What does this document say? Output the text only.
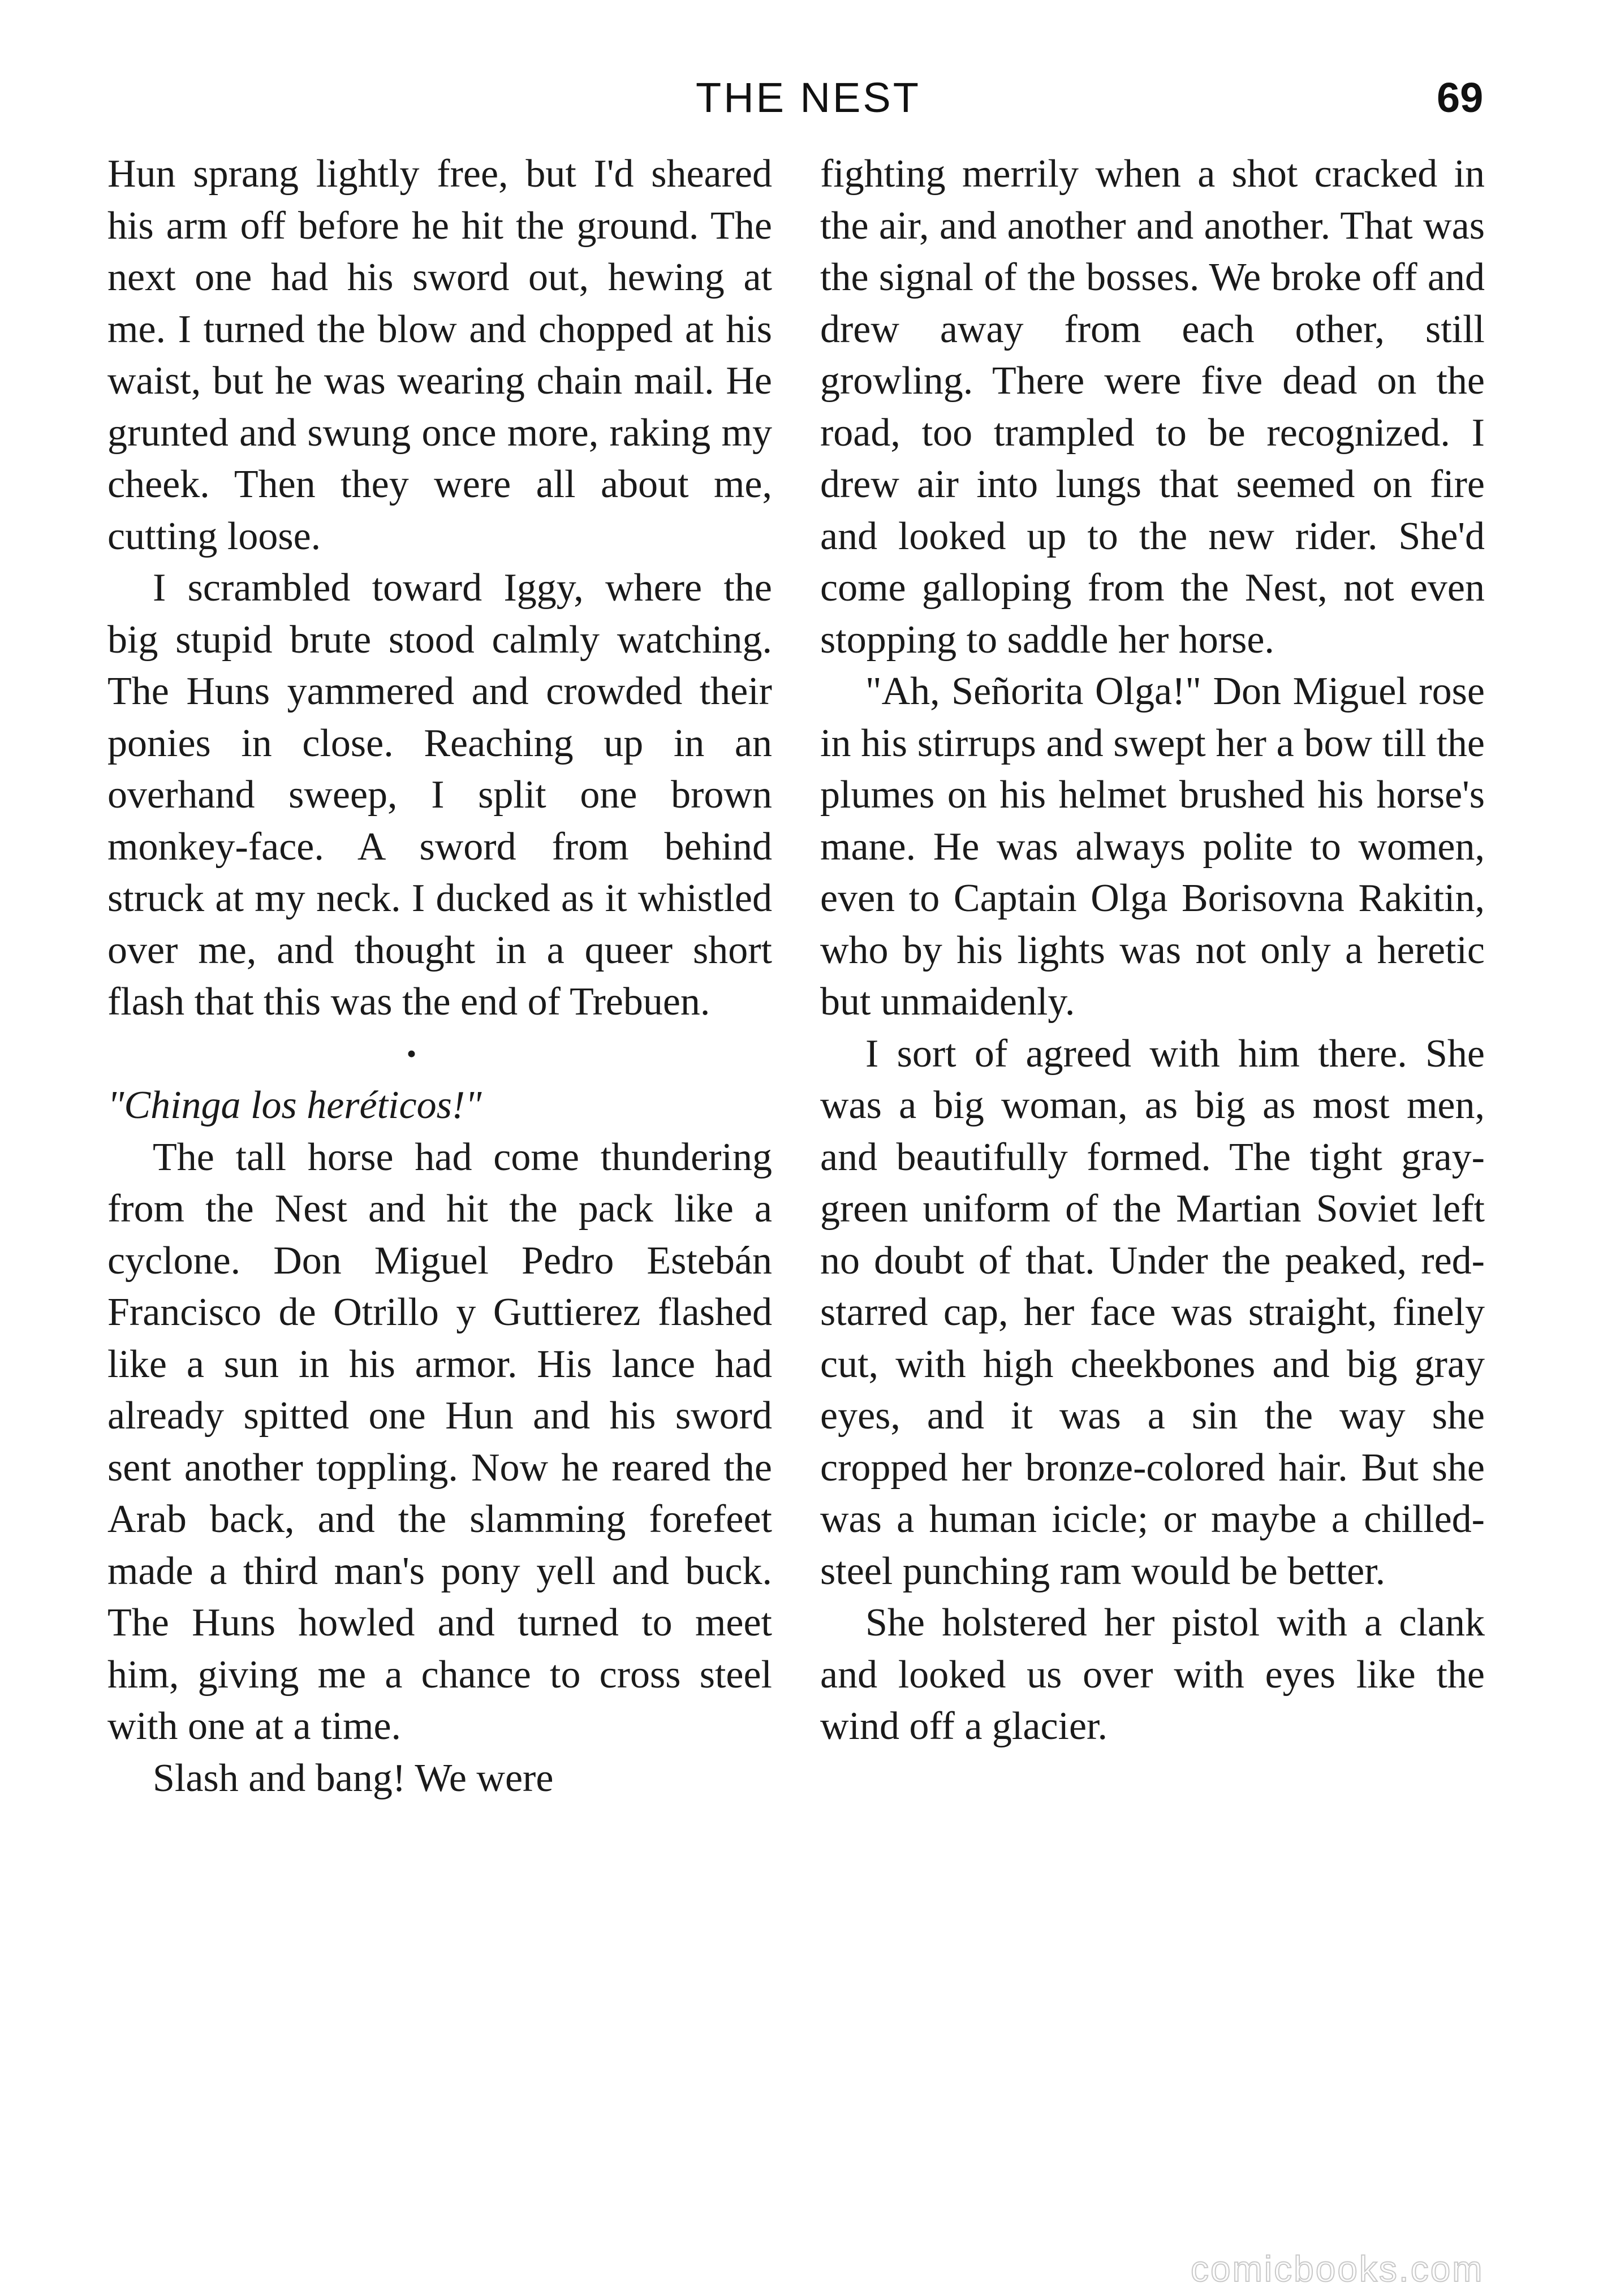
THE NEST	69

Hun sprang lightly free, but I'd sheared his arm off before he hit the ground. The next one had his sword out, hewing at me. I turned the blow and chopped at his waist, but he was wearing chain mail. He grunted and swung once more, raking my cheek. Then they were all about me, cutting loose.

I scrambled toward Iggy, where the big stupid brute stood calmly watching. The Huns yammered and crowded their ponies in close. Reaching up in an overhand sweep, I split one brown monkey-face. A sword from behind struck at my neck. I ducked as it whistled over me, and thought in a queer short flash that this was the end of Trebuen.

•

"Chinga los heréticos!"

The tall horse had come thundering from the Nest and hit the pack like a cyclone. Don Miguel Pedro Estebán Francisco de Otrillo y Guttierez flashed like a sun in his armor. His lance had already spitted one Hun and his sword sent another toppling. Now he reared the Arab back, and the slamming forefeet made a third man's pony yell and buck. The Huns howled and turned to meet him, giving me a chance to cross steel with one at a time.

Slash and bang! We were

fighting merrily when a shot cracked in the air, and another and another. That was the signal of the bosses. We broke off and drew away from each other, still growling. There were five dead on the road, too trampled to be recognized. I drew air into lungs that seemed on fire and looked up to the new rider. She'd come galloping from the Nest, not even stopping to saddle her horse.

"Ah, Señorita Olga!" Don Miguel rose in his stirrups and swept her a bow till the plumes on his helmet brushed his horse's mane. He was always polite to women, even to Captain Olga Borisovna Rakitin, who by his lights was not only a heretic but unmaidenly.

I sort of agreed with him there. She was a big woman, as big as most men, and beautifully formed. The tight gray-green uniform of the Martian Soviet left no doubt of that. Under the peaked, red-starred cap, her face was straight, finely cut, with high cheekbones and big gray eyes, and it was a sin the way she cropped her bronze-colored hair. But she was a human icicle; or maybe a chilled-steel punching ram would be better.

She holstered her pistol with a clank and looked us over with eyes like the wind off a glacier.

comicbooks.com
